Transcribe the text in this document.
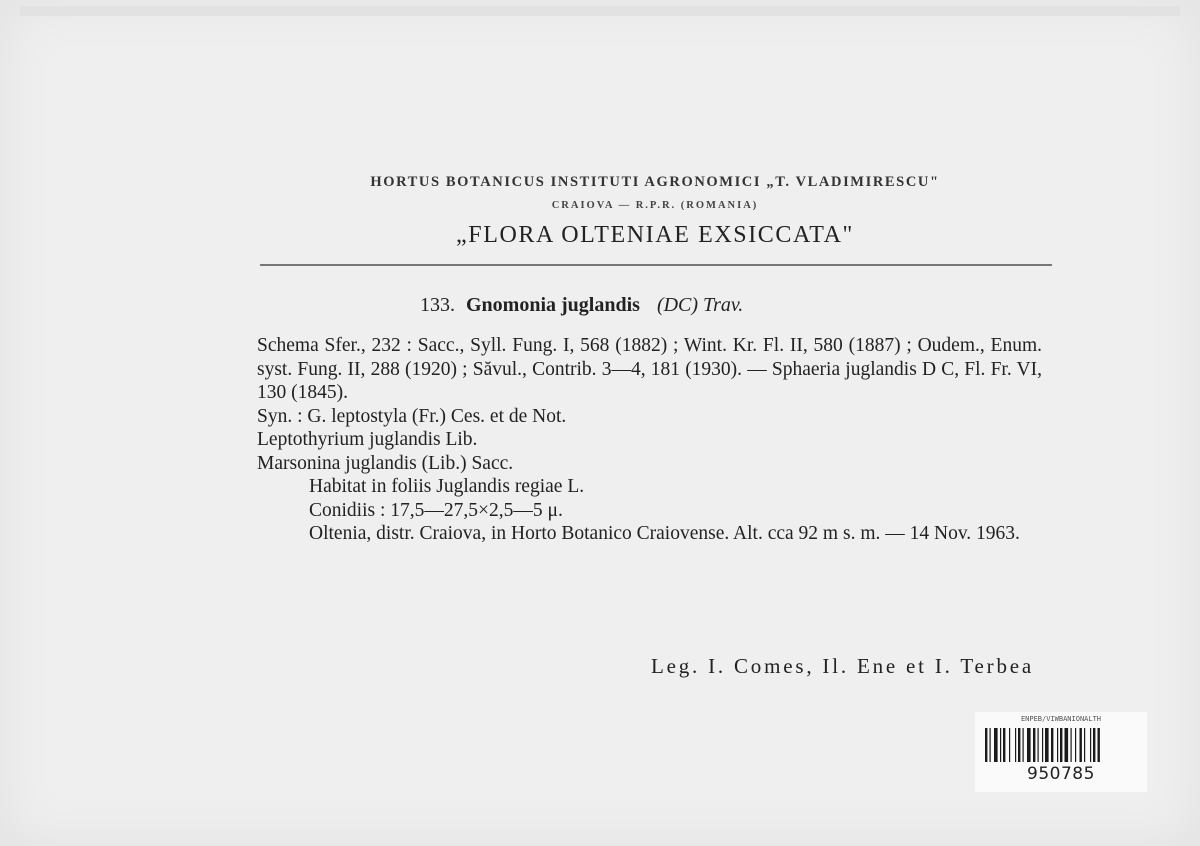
HORTUS BOTANICUS INSTITUTI AGRONOMICI „T. VLADIMIRESCU"
CRAIOVA — R.P.R. (ROMANIA)
„FLORA OLTENIAE EXSICCATA"
133. Gnomonia juglandis (DC) Trav.

Schema Sfer., 232 : Sacc., Syll. Fung. I, 568 (1882) ; Wint. Kr. Fl. II, 580 (1887) ; Oudem., Enum. syst. Fung. II, 288 (1920) ; Săvul., Contrib. 3—4, 181 (1930). — Sphaeria juglandis D C, Fl. Fr. VI, 130 (1845).

Syn. : G. leptostyla (Fr.) Ces. et de Not.

Leptothyrium juglandis Lib.

Marsonina juglandis (Lib.) Sacc.

Habitat in foliis Juglandis regiae L.

Conidiis : 17,5—27,5×2,5—5 μ.

Oltenia, distr. Craiova, in Horto Botanico Craiovense. Alt. cca 92 m s. m. — 14 Nov. 1963.

Leg. I. Comes, Il. Ene et I. Terbea
ENPEB/VIWBANIONALTH
950785
